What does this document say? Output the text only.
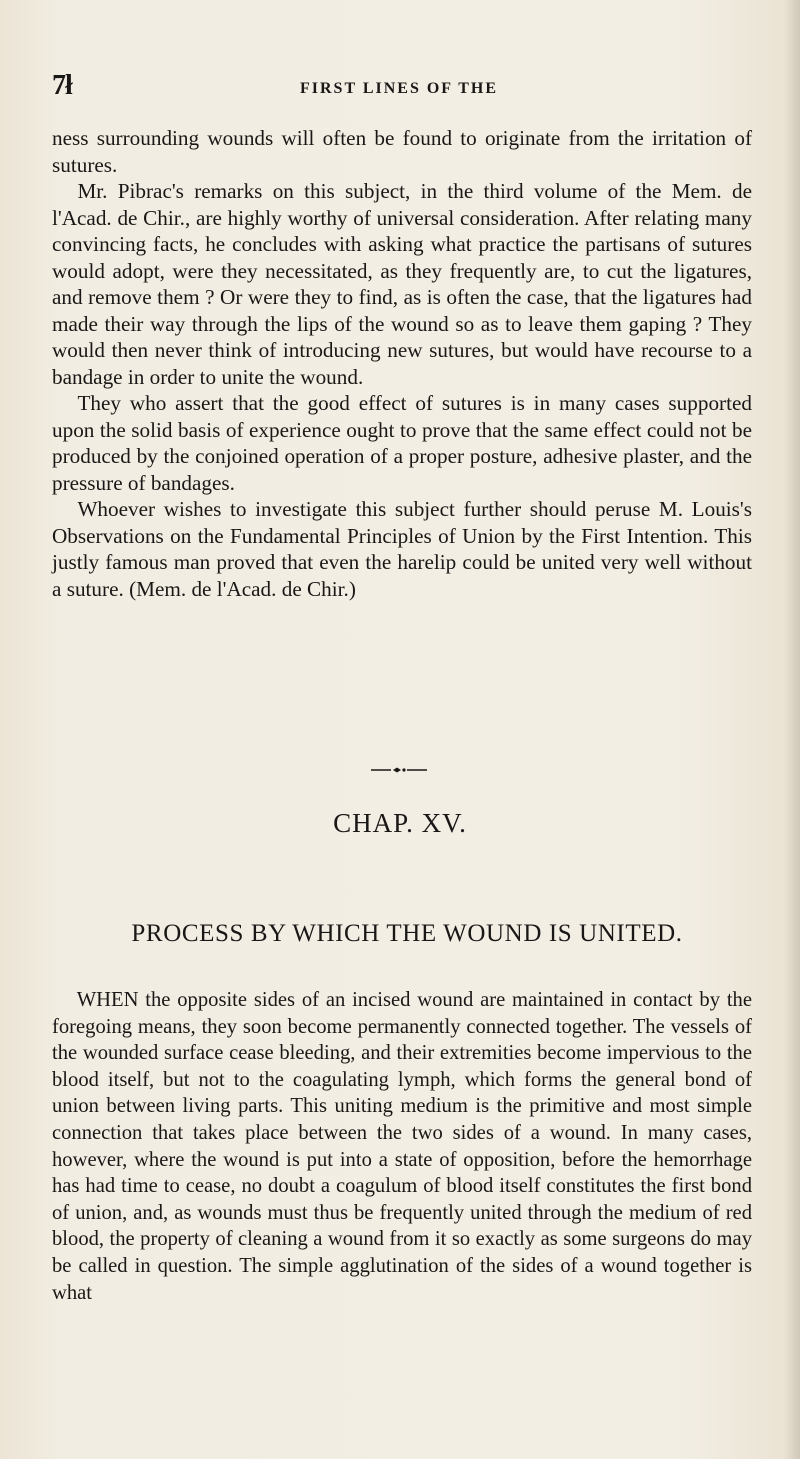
7ł	FIRST LINES OF THE

ness surrounding wounds will often be found to originate from the irritation of sutures.

Mr. Pibrac's remarks on this subject, in the third volume of the Mem. de l'Acad. de Chir., are highly worthy of universal consideration. After relating many convincing facts, he concludes with asking what practice the partisans of sutures would adopt, were they necessitated, as they frequently are, to cut the ligatures, and remove them ? Or were they to find, as is often the case, that the ligatures had made their way through the lips of the wound so as to leave them gaping ? They would then never think of introducing new sutures, but would have recourse to a bandage in order to unite the wound.

They who assert that the good effect of sutures is in many cases supported upon the solid basis of experience ought to prove that the same effect could not be produced by the conjoined operation of a proper posture, adhesive plaster, and the pressure of bandages.

Whoever wishes to investigate this subject further should peruse M. Louis's Observations on the Fundamental Principles of Union by the First Intention. This justly famous man proved that even the harelip could be united very well without a suture. (Mem. de l'Acad. de Chir.)

CHAP. XV.
PROCESS BY WHICH THE WOUND IS UNITED.

WHEN the opposite sides of an incised wound are maintained in contact by the foregoing means, they soon become permanently connected together. The vessels of the wounded surface cease bleeding, and their extremities become impervious to the blood itself, but not to the coagulating lymph, which forms the general bond of union between living parts. This uniting medium is the primitive and most simple connection that takes place between the two sides of a wound. In many cases, however, where the wound is put into a state of opposition, before the hemorrhage has had time to cease, no doubt a coagulum of blood itself constitutes the first bond of union, and, as wounds must thus be frequently united through the medium of red blood, the property of cleaning a wound from it so exactly as some surgeons do may be called in question. The simple agglutination of the sides of a wound together is what
